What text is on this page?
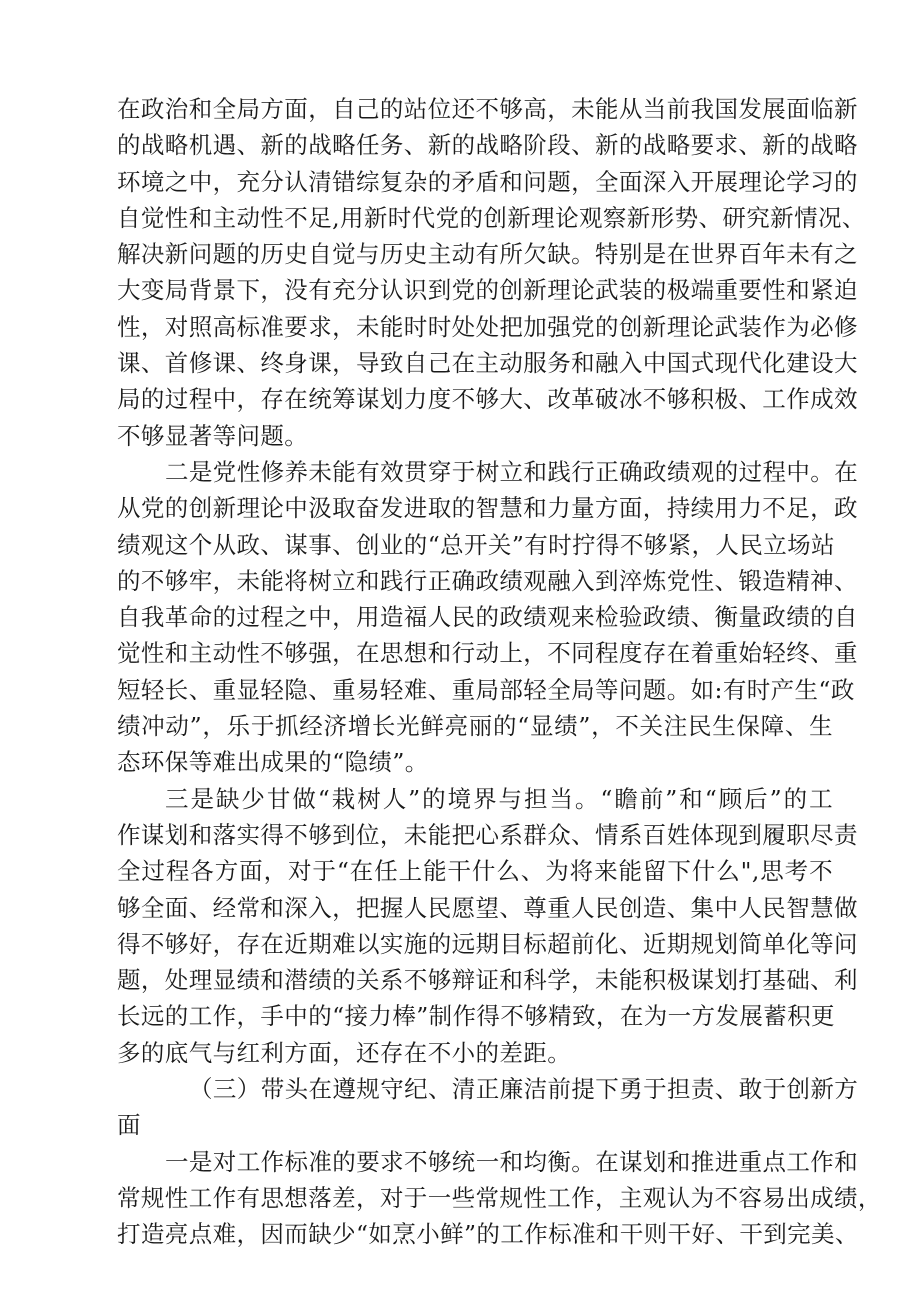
在政治和全局方面，自己的站位还不够高，未能从当前我国发展面临新
的战略机遇、新的战略任务、新的战略阶段、新的战略要求、新的战略
环境之中，充分认清错综复杂的矛盾和问题，全面深入开展理论学习的
自觉性和主动性不足,用新时代党的创新理论观察新形势、研究新情况、
解决新问题的历史自觉与历史主动有所欠缺。特别是在世界百年未有之
大变局背景下，没有充分认识到党的创新理论武装的极端重要性和紧迫
性，对照高标准要求，未能时时处处把加强党的创新理论武装作为必修
课、首修课、终身课，导致自己在主动服务和融入中国式现代化建设大
局的过程中，存在统筹谋划力度不够大、改革破冰不够积极、工作成效
不够显著等问题。
二是党性修养未能有效贯穿于树立和践行正确政绩观的过程中。在
从党的创新理论中汲取奋发进取的智慧和力量方面，持续用力不足，政
绩观这个从政、谋事、创业的“总开关”有时拧得不够紧，人民立场站
的不够牢，未能将树立和践行正确政绩观融入到淬炼党性、锻造精神、
自我革命的过程之中，用造福人民的政绩观来检验政绩、衡量政绩的自
觉性和主动性不够强，在思想和行动上，不同程度存在着重始轻终、重
短轻长、重显轻隐、重易轻难、重局部轻全局等问题。如:有时产生“政
绩冲动”，乐于抓经济增长光鲜亮丽的“显绩”，不关注民生保障、生
态环保等难出成果的“隐绩”。
三是缺少甘做“栽树人”的境界与担当。“瞻前”和“顾后”的工
作谋划和落实得不够到位，未能把心系群众、情系百姓体现到履职尽责
全过程各方面，对于“在任上能干什么、为将来能留下什么",思考不
够全面、经常和深入，把握人民愿望、尊重人民创造、集中人民智慧做
得不够好，存在近期难以实施的远期目标超前化、近期规划简单化等问
题，处理显绩和潜绩的关系不够辩证和科学，未能积极谋划打基础、利
长远的工作，手中的“接力棒”制作得不够精致，在为一方发展蓄积更
多的底气与红利方面，还存在不小的差距。
（三）带头在遵规守纪、清正廉洁前提下勇于担责、敢于创新方
面
一是对工作标准的要求不够统一和均衡。在谋划和推进重点工作和
常规性工作有思想落差，对于一些常规性工作，主观认为不容易出成绩，
打造亮点难，因而缺少“如烹小鲜”的工作标准和干则干好、干到完美、
